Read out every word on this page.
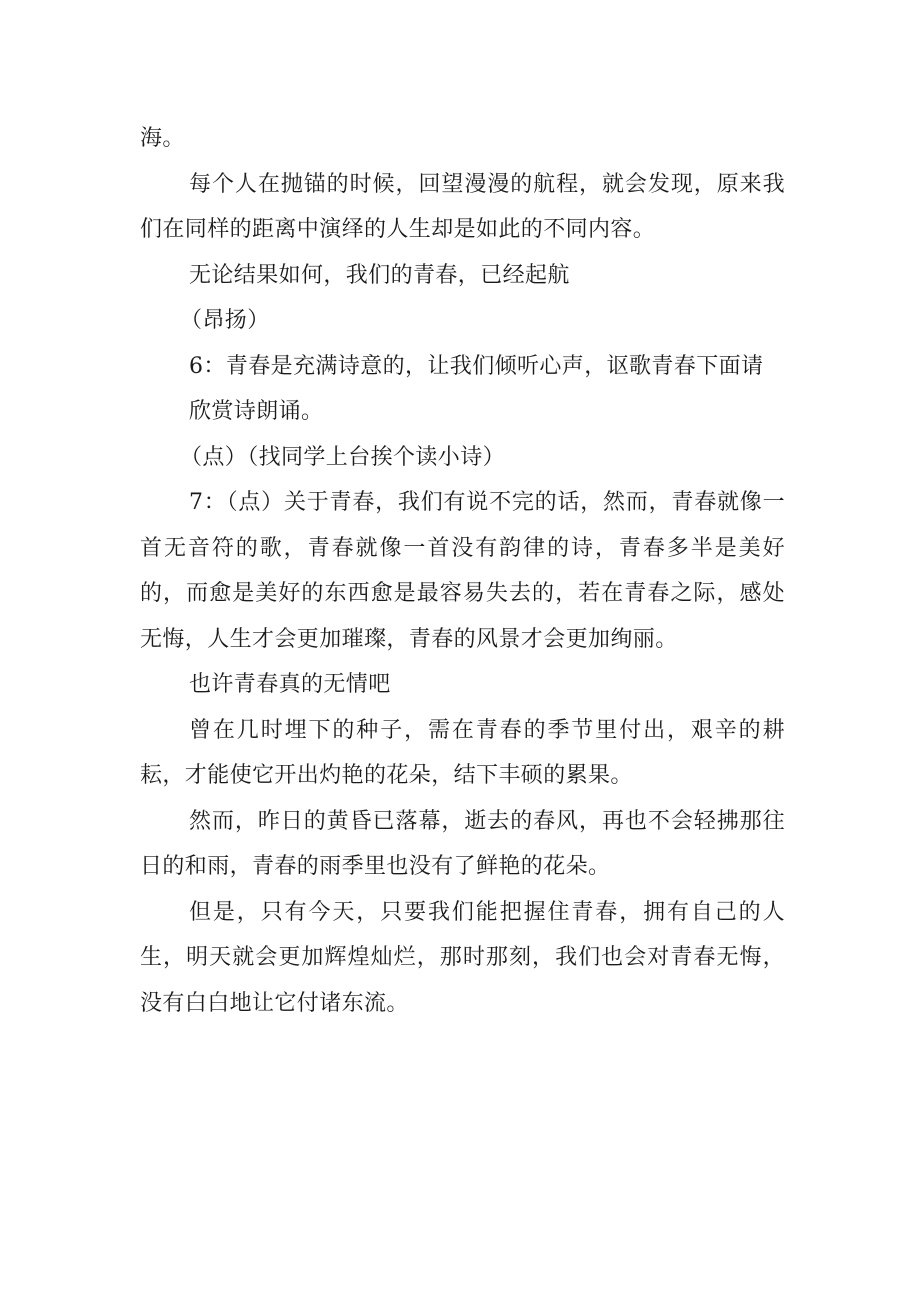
海。

每个人在抛锚的时候，回望漫漫的航程，就会发现，原来我们在同样的距离中演绎的人生却是如此的不同内容。

无论结果如何，我们的青春，已经起航

（昂扬）

6：青春是充满诗意的，让我们倾听心声，讴歌青春下面请

欣赏诗朗诵。

（点）（找同学上台挨个读小诗）

7：（点）关于青春，我们有说不完的话，然而，青春就像一首无音符的歌，青春就像一首没有韵律的诗，青春多半是美好的，而愈是美好的东西愈是最容易失去的，若在青春之际，感处无悔，人生才会更加璀璨，青春的风景才会更加绚丽。

也许青春真的无情吧

曾在几时埋下的种子，需在青春的季节里付出，艰辛的耕耘，才能使它开出灼艳的花朵，结下丰硕的累果。

然而，昨日的黄昏已落幕，逝去的春风，再也不会轻拂那往日的和雨，青春的雨季里也没有了鲜艳的花朵。

但是，只有今天，只要我们能把握住青春，拥有自己的人生，明天就会更加辉煌灿烂，那时那刻，我们也会对青春无悔，没有白白地让它付诸东流。
